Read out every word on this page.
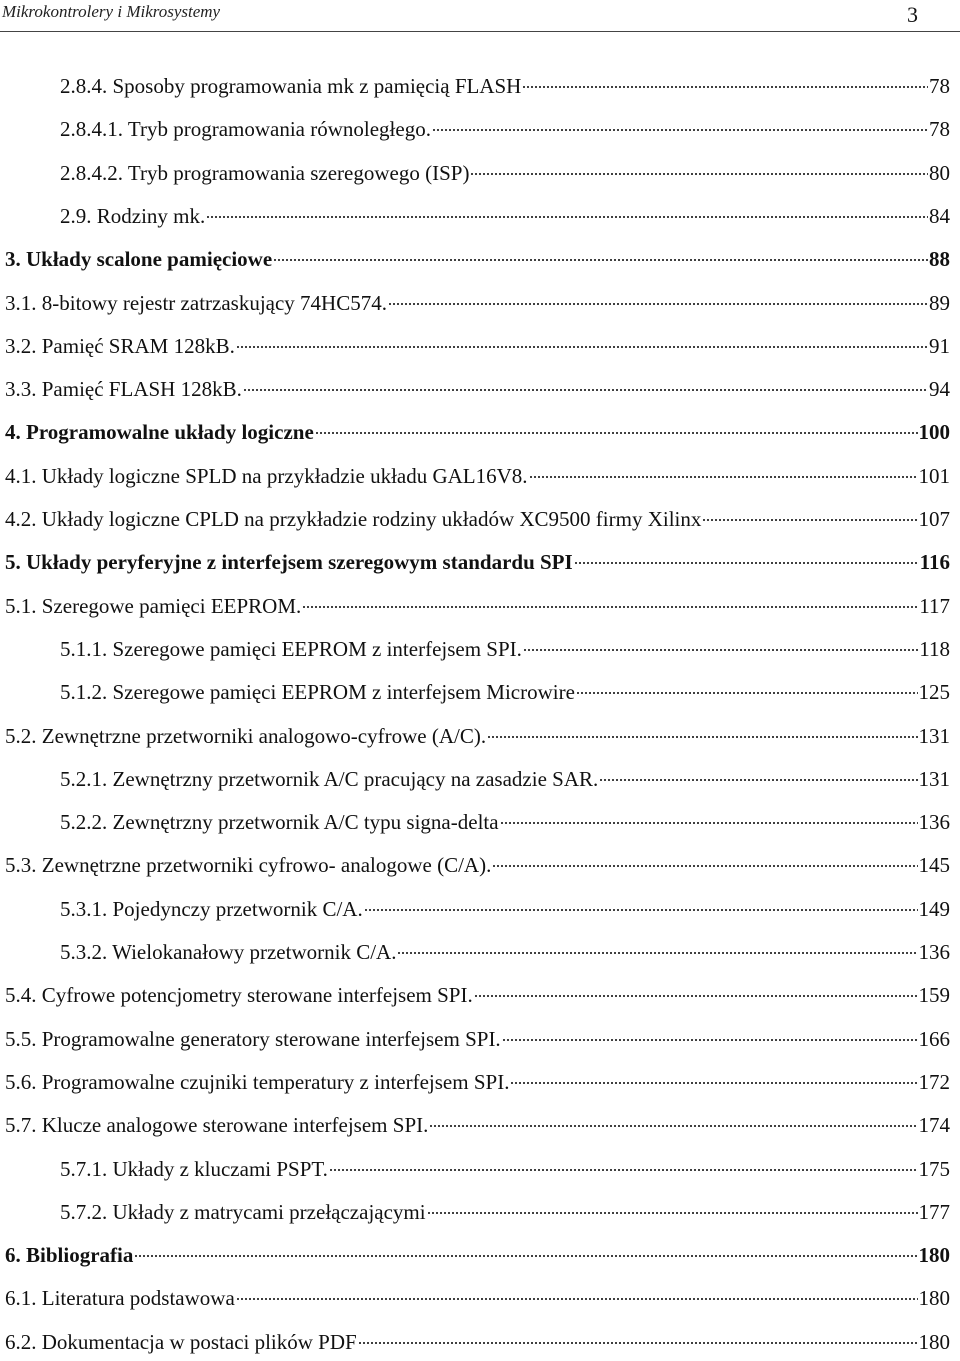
Mikrokontrolery i Mikrosystemy	3
2.8.4. Sposoby programowania mk z pamięcią FLASH	78
2.8.4.1. Tryb programowania równoległego.	78
2.8.4.2. Tryb programowania szeregowego (ISP)	80
2.9. Rodziny mk.	84
3. Układy scalone pamięciowe	88
3.1. 8-bitowy rejestr zatrzaskujący 74HC574.	89
3.2. Pamięć SRAM 128kB.	91
3.3. Pamięć FLASH 128kB.	94
4. Programowalne układy logiczne	100
4.1. Układy logiczne SPLD na przykładzie układu GAL16V8.	101
4.2. Układy logiczne CPLD na przykładzie rodziny układów XC9500 firmy Xilinx	107
5. Układy peryferyjne z interfejsem szeregowym standardu SPI	116
5.1. Szeregowe pamięci EEPROM.	117
5.1.1. Szeregowe pamięci EEPROM z interfejsem SPI.	118
5.1.2. Szeregowe pamięci EEPROM z interfejsem Microwire	125
5.2. Zewnętrzne przetworniki analogowo-cyfrowe (A/C).	131
5.2.1. Zewnętrzny przetwornik A/C pracujący na zasadzie SAR.	131
5.2.2. Zewnętrzny przetwornik A/C typu signa-delta	136
5.3. Zewnętrzne przetworniki cyfrowo- analogowe (C/A).	145
5.3.1. Pojedynczy przetwornik C/A.	149
5.3.2. Wielokanałowy przetwornik C/A.	136
5.4. Cyfrowe potencjometry sterowane interfejsem SPI.	159
5.5. Programowalne generatory sterowane interfejsem SPI.	166
5.6. Programowalne czujniki temperatury z interfejsem SPI.	172
5.7. Klucze analogowe sterowane interfejsem SPI.	174
5.7.1. Układy z kluczami PSPT.	175
5.7.2. Układy z matrycami przełączającymi	177
6. Bibliografia	180
6.1. Literatura podstawowa	180
6.2. Dokumentacja w postaci plików PDF	180
